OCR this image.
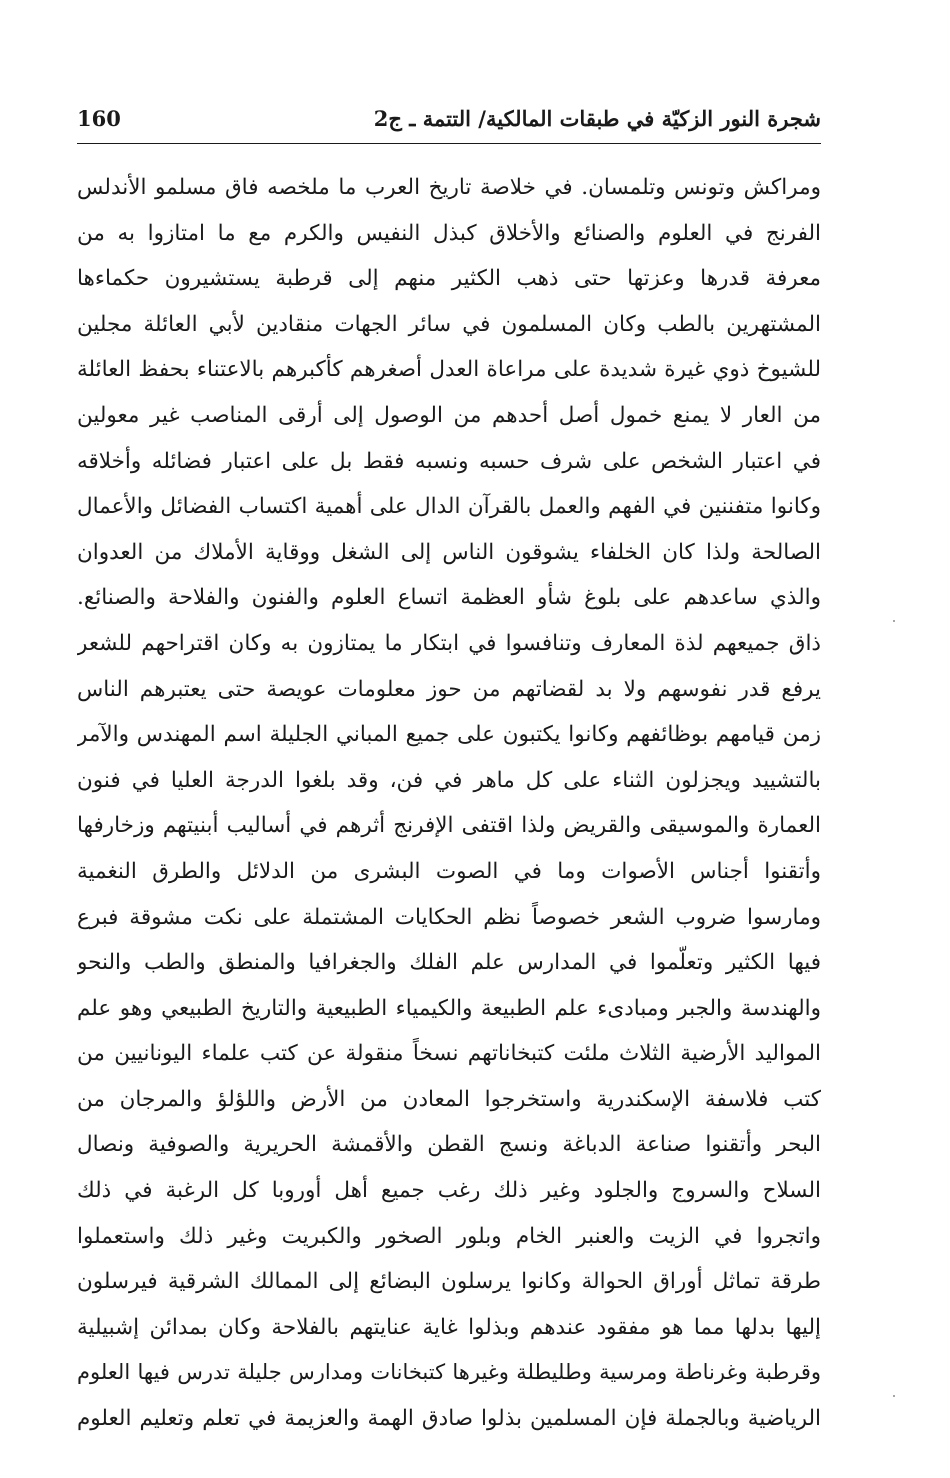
شجرة النور الزكيّة في طبقات المالكية/ التتمة ـ ج2
160
ومراكش وتونس وتلمسان. في خلاصة تاريخ العرب ما ملخصه فاق مسلمو الأندلس
الفرنج في العلوم والصنائع والأخلاق كبذل النفيس والكرم مع ما امتازوا به من
معرفة قدرها وعزتها حتى ذهب الكثير منهم إلى قرطبة يستشيرون حكماءها
المشتهرين بالطب وكان المسلمون في سائر الجهات منقادين لأبي العائلة مجلين
للشيوخ ذوي غيرة شديدة على مراعاة العدل أصغرهم كأكبرهم بالاعتناء بحفظ العائلة
من العار لا يمنع خمول أصل أحدهم من الوصول إلى أرقى المناصب غير معولين
في اعتبار الشخص على شرف حسبه ونسبه فقط بل على اعتبار فضائله وأخلاقه
وكانوا متفننين في الفهم والعمل بالقرآن الدال على أهمية اكتساب الفضائل والأعمال
الصالحة ولذا كان الخلفاء يشوقون الناس إلى الشغل ووقاية الأملاك من العدوان
والذي ساعدهم على بلوغ شأو العظمة اتساع العلوم والفنون والفلاحة والصنائع.
ذاق جميعهم لذة المعارف وتنافسوا في ابتكار ما يمتازون به وكان اقتراحهم للشعر
يرفع قدر نفوسهم ولا بد لقضاتهم من حوز معلومات عويصة حتى يعتبرهم الناس
زمن قيامهم بوظائفهم وكانوا يكتبون على جميع المباني الجليلة اسم المهندس والآمر
بالتشييد ويجزلون الثناء على كل ماهر في فن، وقد بلغوا الدرجة العليا في فنون
العمارة والموسيقى والقريض ولذا اقتفى الإفرنج أثرهم في أساليب أبنيتهم وزخارفها
وأتقنوا أجناس الأصوات وما في الصوت البشرى من الدلائل والطرق النغمية
ومارسوا ضروب الشعر خصوصاً نظم الحكايات المشتملة على نكت مشوقة فبرع
فيها الكثير وتعلّموا في المدارس علم الفلك والجغرافيا والمنطق والطب والنحو
والهندسة والجبر ومبادىء علم الطبيعة والكيمياء الطبيعية والتاريخ الطبيعي وهو علم
المواليد الأرضية الثلاث ملئت كتبخاناتهم نسخاً منقولة عن كتب علماء اليونانيين من
كتب فلاسفة الإسكندرية واستخرجوا المعادن من الأرض واللؤلؤ والمرجان من
البحر وأتقنوا صناعة الدباغة ونسج القطن والأقمشة الحريرية والصوفية ونصال
السلاح والسروج والجلود وغير ذلك رغب جميع أهل أوروبا كل الرغبة في ذلك
واتجروا في الزيت والعنبر الخام وبلور الصخور والكبريت وغير ذلك واستعملوا
طرقة تماثل أوراق الحوالة وكانوا يرسلون البضائع إلى الممالك الشرقية فيرسلون
إليها بدلها مما هو مفقود عندهم وبذلوا غاية عنايتهم بالفلاحة وكان بمدائن إشبيلية
وقرطبة وغرناطة ومرسية وطليطلة وغيرها كتبخانات ومدارس جليلة تدرس فيها العلوم
الرياضية وبالجملة فإن المسلمين بذلوا صادق الهمة والعزيمة في تعلم وتعليم العلوم
